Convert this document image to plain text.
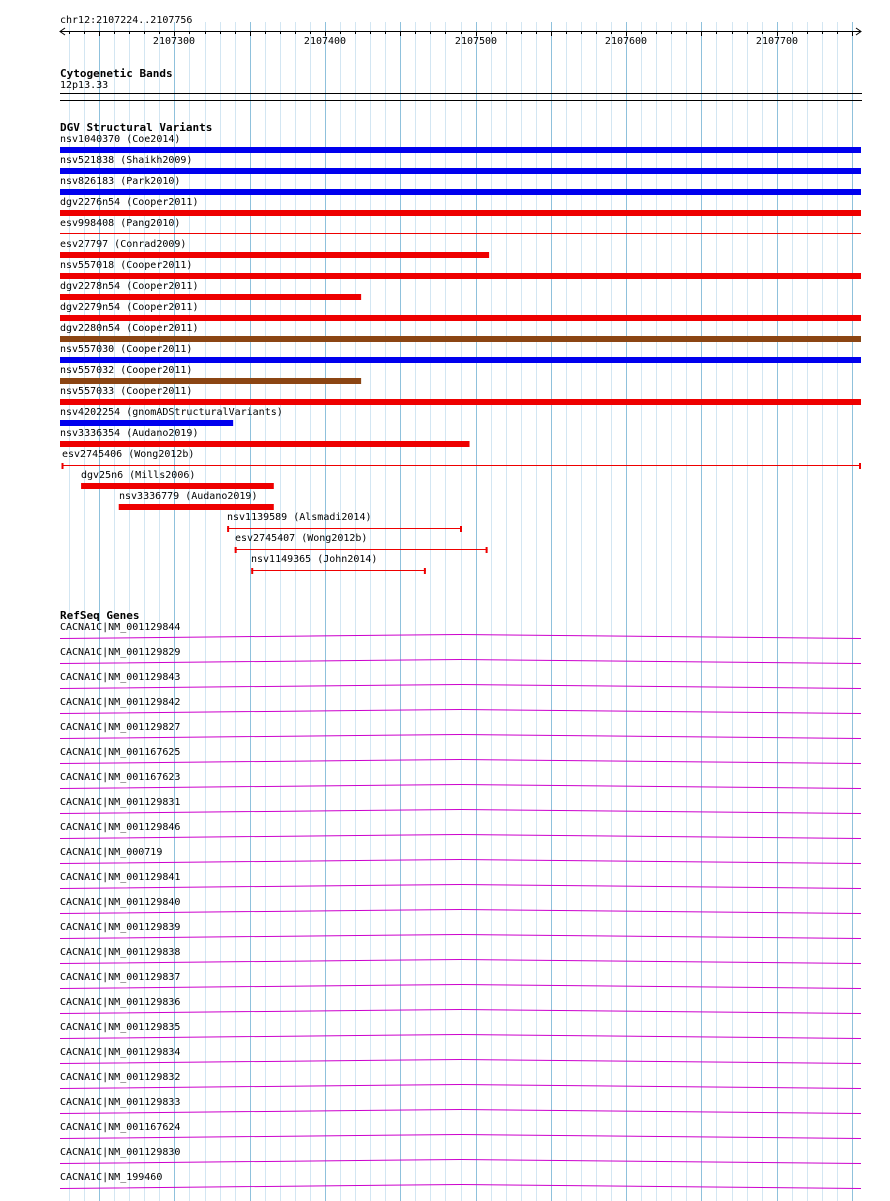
chr12:2107224..2107756
2107300	2107400	2107500	2107600	2107700
Cytogenetic Bands
12p13.33
DGV Structural Variants
nsv1040370 (Coe2014)
nsv521838 (Shaikh2009)
nsv826183 (Park2010)
dgv2276n54 (Cooper2011)
esv998408 (Pang2010)
esv27797 (Conrad2009)
nsv557018 (Cooper2011)
dgv2278n54 (Cooper2011)
dgv2279n54 (Cooper2011)
dgv2280n54 (Cooper2011)
nsv557030 (Cooper2011)
nsv557032 (Cooper2011)
nsv557033 (Cooper2011)
nsv4202254 (gnomADStructuralVariants)
nsv3336354 (Audano2019)
esv2745406 (Wong2012b)
dgv25n6 (Mills2006)
nsv3336779 (Audano2019)
nsv1139589 (Alsmadi2014)
esv2745407 (Wong2012b)
nsv1149365 (John2014)
RefSeq Genes
CACNA1C|NM_001129844
CACNA1C|NM_001129829
CACNA1C|NM_001129843
CACNA1C|NM_001129842
CACNA1C|NM_001129827
CACNA1C|NM_001167625
CACNA1C|NM_001167623
CACNA1C|NM_001129831
CACNA1C|NM_001129846
CACNA1C|NM_000719
CACNA1C|NM_001129841
CACNA1C|NM_001129840
CACNA1C|NM_001129839
CACNA1C|NM_001129838
CACNA1C|NM_001129837
CACNA1C|NM_001129836
CACNA1C|NM_001129835
CACNA1C|NM_001129834
CACNA1C|NM_001129832
CACNA1C|NM_001129833
CACNA1C|NM_001167624
CACNA1C|NM_001129830
CACNA1C|NM_199460
